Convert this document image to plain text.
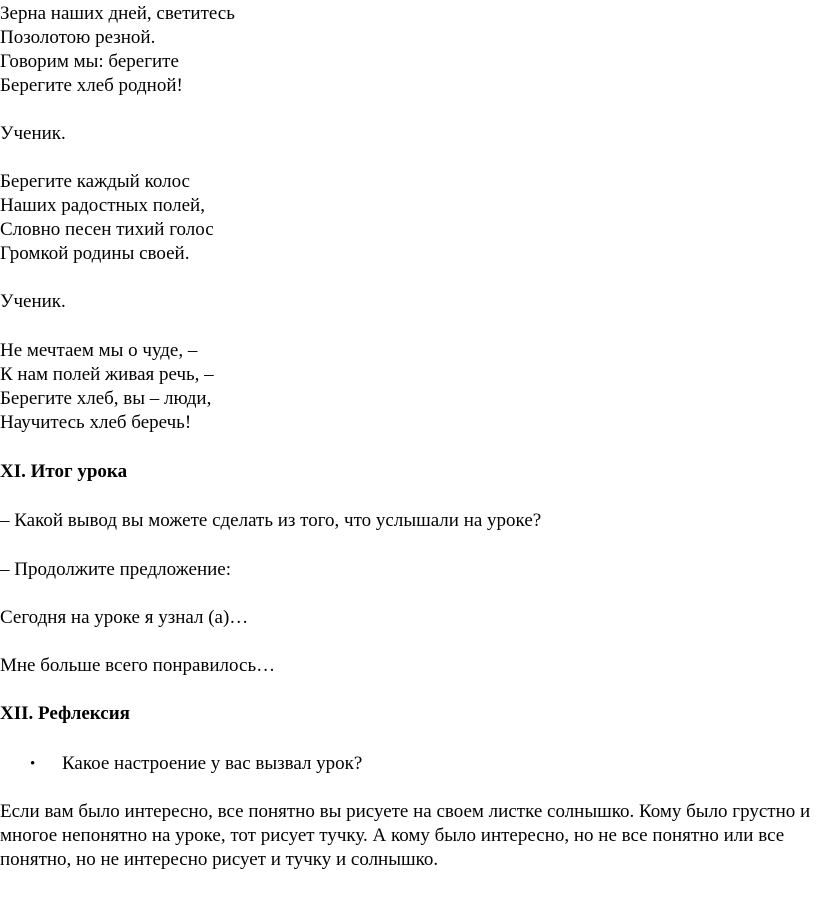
Зерна наших дней, светитесь
Позолотою резной.
Говорим мы: берегите
Берегите хлеб родной!
Ученик.
Берегите каждый колос
Наших радостных полей,
Словно песен тихий голос
Громкой родины своей.
Ученик.
Не мечтаем мы о чуде, –
К нам полей живая речь, –
Берегите хлеб, вы – люди,
Научитесь хлеб беречь!
XI. Итог урока
– Какой вывод вы можете сделать из того, что услышали на уроке?
– Продолжите предложение:
Сегодня на уроке я узнал (а)…
Мне больше всего понравилось…
XII. Рефлексия
• Какое настроение у вас вызвал урок?
Если вам было интересно, все понятно вы рисуете на своем листке солнышко. Кому было грустно и многое непонятно на уроке, тот рисует тучку. А кому было интересно, но не все понятно или все понятно, но не интересно рисует и тучку и солнышко.
